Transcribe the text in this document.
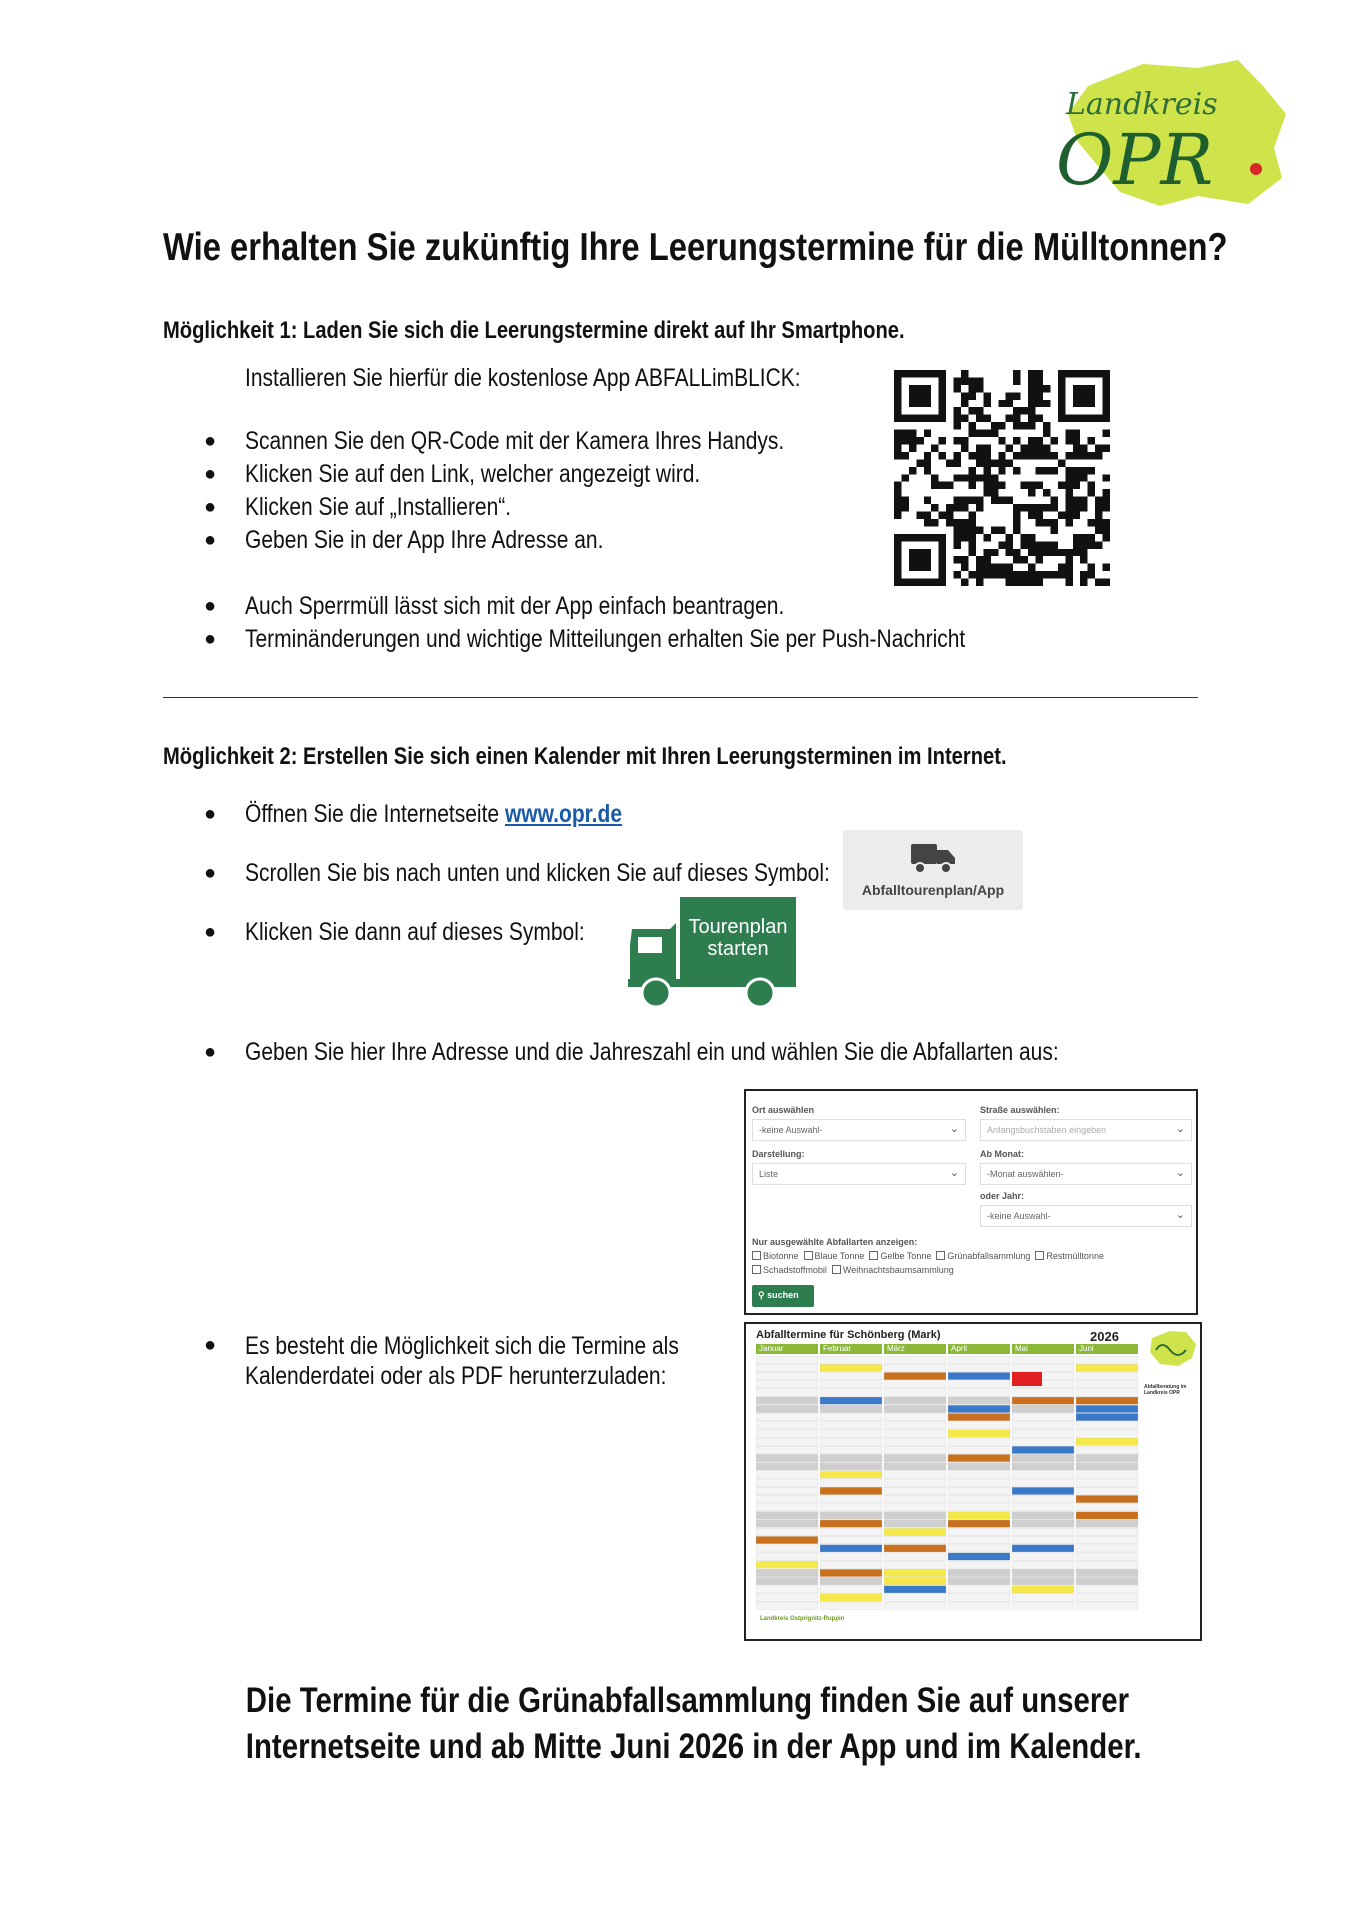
Landkreis
OPR
Wie erhalten Sie zukünftig Ihre Leerungstermine für die Mülltonnen?
Möglichkeit 1: Laden Sie sich die Leerungstermine direkt auf Ihr Smartphone.
Installieren Sie hierfür die kostenlose App ABFALLimBLICK:
● Scannen Sie den QR-Code mit der Kamera Ihres Handys.
● Klicken Sie auf den Link, welcher angezeigt wird.
● Klicken Sie auf „Installieren“.
● Geben Sie in der App Ihre Adresse an.
● Auch Sperrmüll lässt sich mit der App einfach beantragen.
● Terminänderungen und wichtige Mitteilungen erhalten Sie per Push-Nachricht
Möglichkeit 2: Erstellen Sie sich einen Kalender mit Ihren Leerungsterminen im Internet.
● Öffnen Sie die Internetseite www.opr.de
● Scrollen Sie bis nach unten und klicken Sie auf dieses Symbol:
Abfalltourenplan/App
● Klicken Sie dann auf dieses Symbol:	Tourenplan
starten
● Geben Sie hier Ihre Adresse und die Jahreszahl ein und wählen Sie die Abfallarten aus:
Ort auswählen
-keine Auswahl- ⌄
Straße auswählen:
Anfangsbuchstaben eingeben ⌄
Darstellung:
Liste ⌄
Ab Monat:
-Monat auswählen- ⌄
oder Jahr:
-keine Auswahl- ⌄
Nur ausgewählte Abfallarten anzeigen:
Biotonne Blaue Tonne Gelbe Tonne Grünabfallsammlung Restmülltonne
Schadstoffmobil Weihnachtsbaumsammlung
⚲ suchen
● Es besteht die Möglichkeit sich die Termine als
Kalenderdatei oder als PDF herunterzuladen:
Abfalltermine für Schönberg (Mark)	2026
Januar	Februar	März	April	Mai	Juni
Abfallberatung im Landkreis OPR
Landkreis Ostprignitz-Ruppin
Die Termine für die Grünabfallsammlung finden Sie auf unserer
Internetseite und ab Mitte Juni 2026 in der App und im Kalender.
